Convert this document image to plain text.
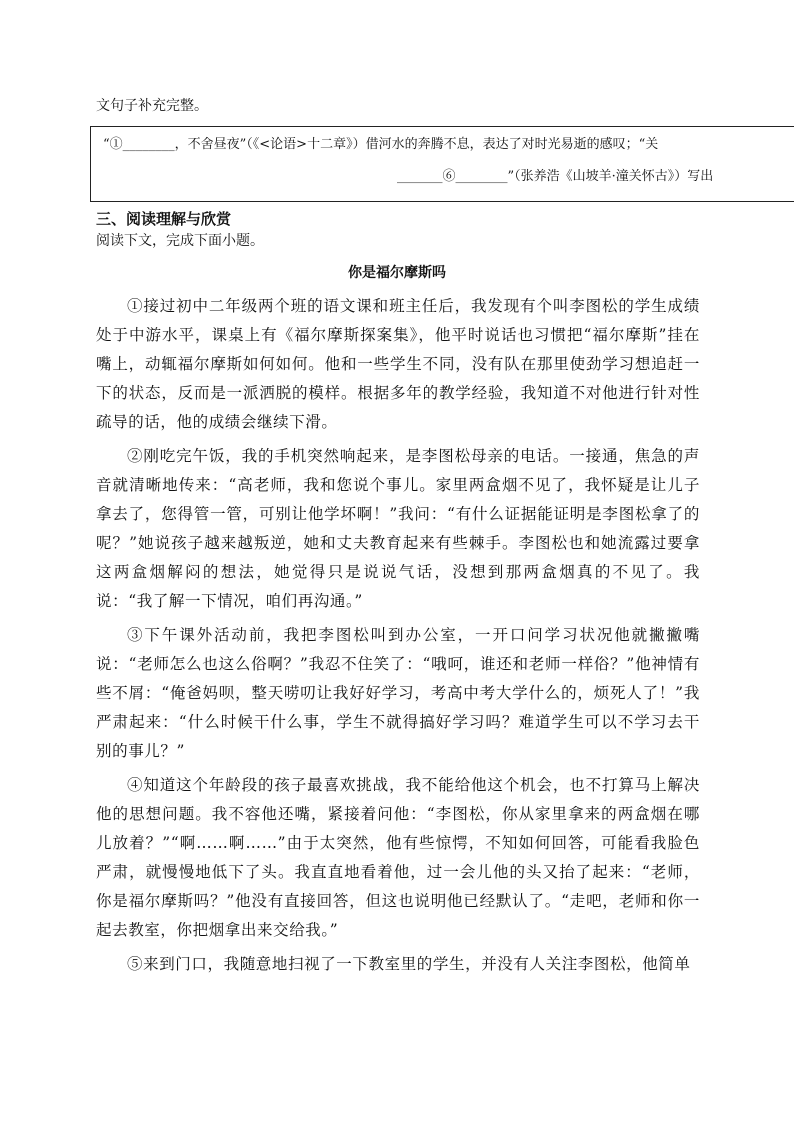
文句子补充完整。
“①________，不舍昼夜”（《<论语>十二章》）借河水的奔腾不息，表达了对时光易逝的感叹；“关
_______⑥________”（张养浩《山坡羊·潼关怀古》）写出
三、阅读理解与欣赏
阅读下文，完成下面小题。
你是福尔摩斯吗

①接过初中二年级两个班的语文课和班主任后，我发现有个叫李图松的学生成绩处于中游水平，课桌上有《福尔摩斯探案集》，他平时说话也习惯把“福尔摩斯”挂在嘴上，动辄福尔摩斯如何如何。他和一些学生不同，没有队在那里使劲学习想追赶一下的状态，反而是一派洒脱的模样。根据多年的教学经验，我知道不对他进行针对性疏导的话，他的成绩会继续下滑。

②刚吃完午饭，我的手机突然响起来，是李图松母亲的电话。一接通，焦急的声音就清晰地传来：“高老师，我和您说个事儿。家里两盒烟不见了，我怀疑是让儿子拿去了，您得管一管，可别让他学坏啊！”我问：“有什么证据能证明是李图松拿了的呢？”她说孩子越来越叛逆，她和丈夫教育起来有些棘手。李图松也和她流露过要拿这两盒烟解闷的想法，她觉得只是说说气话，没想到那两盒烟真的不见了。我说：“我了解一下情况，咱们再沟通。”

③下午课外活动前，我把李图松叫到办公室，一开口问学习状况他就撇撇嘴说：“老师怎么也这么俗啊？”我忍不住笑了：“哦呵，谁还和老师一样俗？”他神情有些不屑：“俺爸妈呗，整天唠叨让我好好学习，考高中考大学什么的，烦死人了！”我严肃起来：“什么时候干什么事，学生不就得搞好学习吗？难道学生可以不学习去干别的事儿？”

④知道这个年龄段的孩子最喜欢挑战，我不能给他这个机会，也不打算马上解决他的思想问题。我不容他还嘴，紧接着问他：“李图松，你从家里拿来的两盒烟在哪儿放着？”“啊……啊……”由于太突然，他有些惊愕，不知如何回答，可能看我脸色严肃，就慢慢地低下了头。我直直地看着他，过一会儿他的头又抬了起来：“老师，你是福尔摩斯吗？”他没有直接回答，但这也说明他已经默认了。“走吧，老师和你一起去教室，你把烟拿出来交给我。”

⑤来到门口，我随意地扫视了一下教室里的学生，并没有人关注李图松，他简单
